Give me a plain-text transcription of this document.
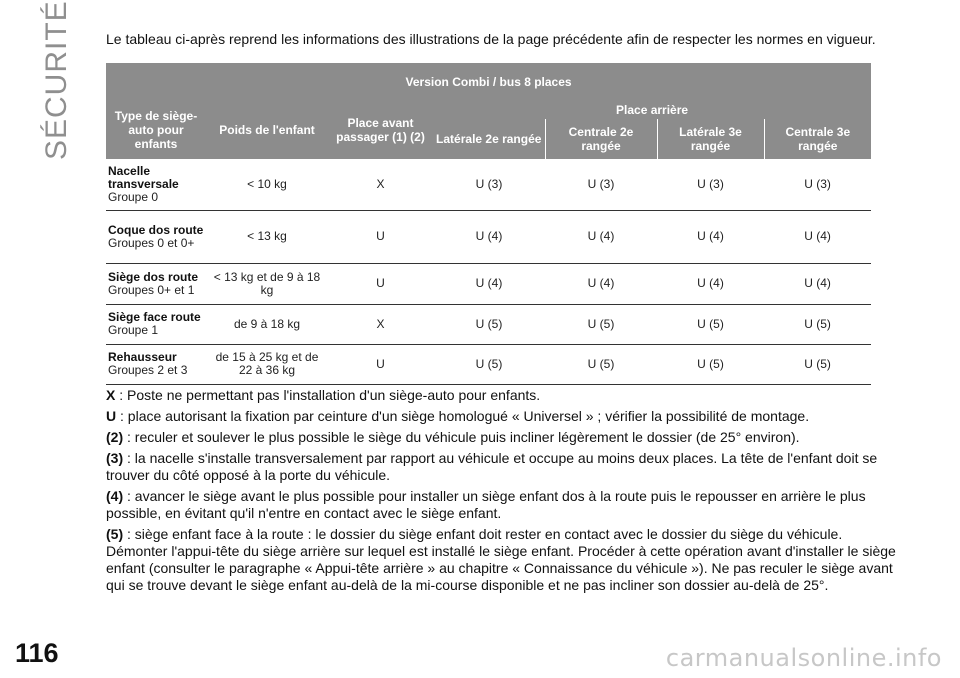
SÉCURITÉ
116	carmanualsonline.info
Le tableau ci-après reprend les informations des illustrations de la page précédente afin de respecter les normes en vigueur.
Version Combi / bus 8 places						
Type de siège-auto pour enfants	Poids de l'enfant	Place avant passager (1) (2)	Place arrière			
			Latérale 2e rangée	Centrale 2e rangée	Latérale 3e rangée	Centrale 3e rangée
Nacelle transversale
Groupe 0	< 10 kg	X	U (3)	U (3)	U (3)	U (3)
Coque dos route Groupes 0 et 0+	< 13 kg	U	U (4)	U (4)	U (4)	U (4)
Siège dos route
Groupes 0+ et 1	< 13 kg et de 9 à 18 kg	U	U (4)	U (4)	U (4)	U (4)
Siège face route Groupe 1	de 9 à 18 kg	X	U (5)	U (5)	U (5)	U (5)
Rehausseur
Groupes 2 et 3	de 15 à 25 kg et de 22 à 36 kg	U	U (5)	U (5)	U (5)	U (5)

X : Poste ne permettant pas l'installation d'un siège-auto pour enfants.

U : place autorisant la fixation par ceinture d'un siège homologué « Universel » ; vérifier la possibilité de montage.

(2) : reculer et soulever le plus possible le siège du véhicule puis incliner légèrement le dossier (de 25° environ).

(3) : la nacelle s'installe transversalement par rapport au véhicule et occupe au moins deux places. La tête de l'enfant doit se trouver du côté opposé à la porte du véhicule.

(4) : avancer le siège avant le plus possible pour installer un siège enfant dos à la route puis le repousser en arrière le plus possible, en évitant qu'il n'entre en contact avec le siège enfant.

(5) : siège enfant face à la route : le dossier du siège enfant doit rester en contact avec le dossier du siège du véhicule. Démonter l'appui-tête du siège arrière sur lequel est installé le siège enfant. Procéder à cette opération avant d'installer le siège enfant (consulter le paragraphe « Appui-tête arrière » au chapitre « Connaissance du véhicule »). Ne pas reculer le siège avant qui se trouve devant le siège enfant au-delà de la mi-course disponible et ne pas incliner son dossier au-delà de 25°.
